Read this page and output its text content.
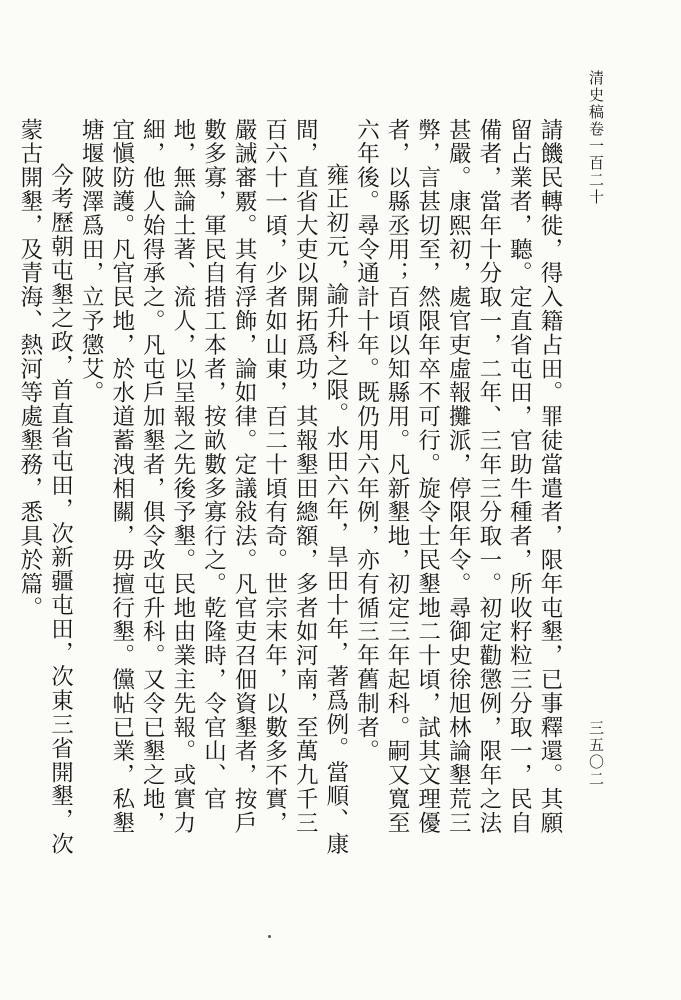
清史稿卷一百二十
三五〇二

請饑民轉徙，得入籍占田。罪徒當遣者，限年屯墾，已事釋還。其願留占業者，聽。定直省屯田，官助牛種者，所收籽粒三分取一，民自備者，當年十分取一，二年、三年三分取一。初定勸懲例，限年之法甚嚴。康熙初，處官吏虛報攤派，停限年令。尋御史徐旭林論墾荒三弊，言甚切至，然限年卒不可行。旋令士民墾地二十頃，試其文理優者，以縣丞用；百頃以知縣用。凡新墾地，初定三年起科。嗣又寬至六年後。尋令通計十年。既仍用六年例，亦有循三年舊制者。

雍正初元，諭升科之限。水田六年，旱田十年，著爲例。當順、康間，直省大吏以開拓爲功，其報墾田總額，多者如河南，至萬九千三百六十一頃，少者如山東，百二十頃有奇。世宗末年，以數多不實，嚴誡審覈。其有浮飾，論如律。定議敍法。凡官吏召佃資墾者，按戶數多寡，軍民自措工本者，按畝數多寡行之。乾隆時，令官山、官地，無論土著、流人，以呈報之先後予墾。民地由業主先報。或實力細，他人始得承之。凡屯戶加墾者，俱令改屯升科。又令已墾之地，宜愼防護。凡官民地，於水道蓄洩相關，毋擅行墾。儻帖已業，私墾塘堰陂澤爲田，立予懲艾。

今考歷朝屯墾之政，首直省屯田，次新疆屯田，次東三省開墾，次蒙古開墾，及青海、熱河等處墾務，悉具於篇。
